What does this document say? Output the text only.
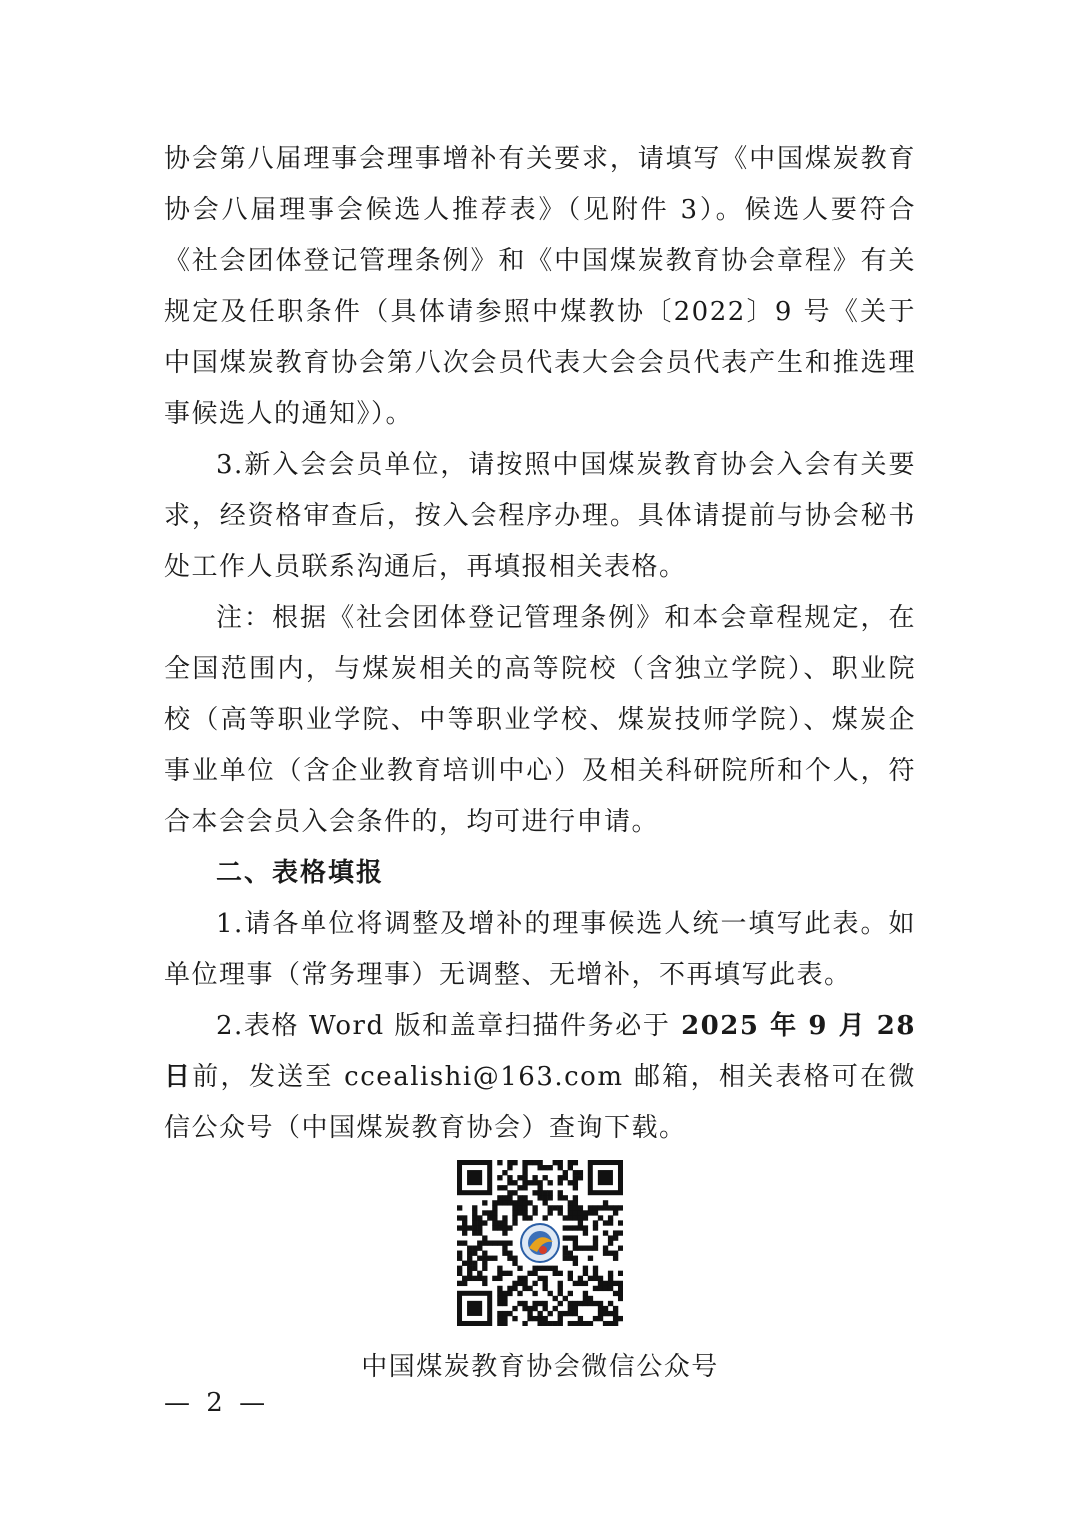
协会第八届理事会理事增补有关要求，请填写《中国煤炭教育协会八届理事会候选人推荐表》（见附件 3）。候选人要符合《社会团体登记管理条例》和《中国煤炭教育协会章程》有关规定及任职条件（具体请参照中煤教协〔2022〕9 号《关于中国煤炭教育协会第八次会员代表大会会员代表产生和推选理事候选人的通知》）。

3.新入会会员单位，请按照中国煤炭教育协会入会有关要求，经资格审查后，按入会程序办理。具体请提前与协会秘书处工作人员联系沟通后，再填报相关表格。

注：根据《社会团体登记管理条例》和本会章程规定，在全国范围内，与煤炭相关的高等院校（含独立学院）、职业院校（高等职业学院、中等职业学校、煤炭技师学院）、煤炭企事业单位（含企业教育培训中心）及相关科研院所和个人，符合本会会员入会条件的，均可进行申请。

二、表格填报

1.请各单位将调整及增补的理事候选人统一填写此表。如单位理事（常务理事）无调整、无增补，不再填写此表。

2.表格 Word 版和盖章扫描件务必于 2025 年 9 月 28 日前，发送至 ccealishi@163.com 邮箱，相关表格可在微信公众号（中国煤炭教育协会）查询下载。

中国煤炭教育协会微信公众号
— 2 —
